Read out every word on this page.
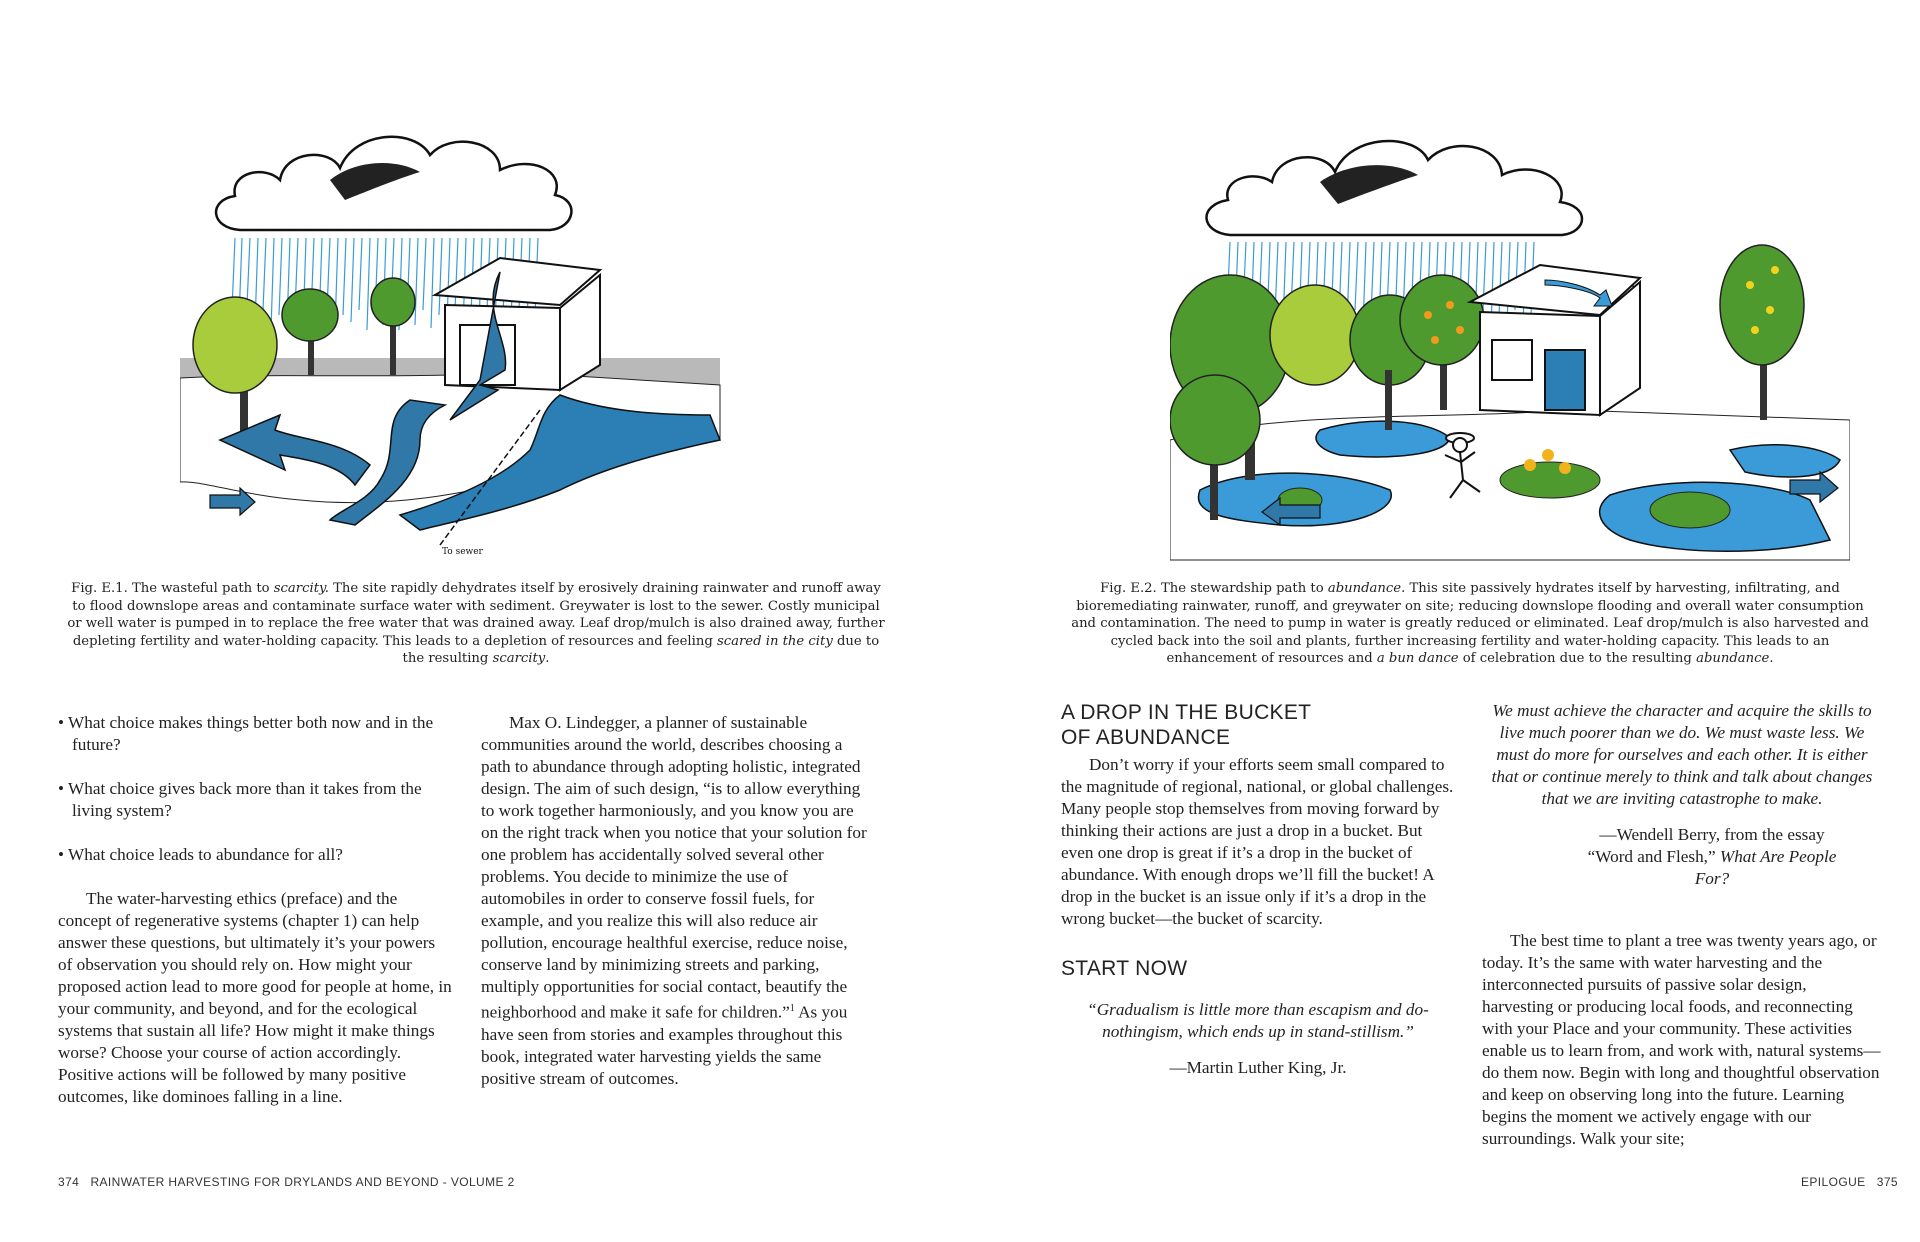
To sewer
Fig. E.1. The wasteful path to scarcity. The site rapidly dehydrates itself by erosively draining rainwater and runoff away to flood downslope areas and contaminate surface water with sediment. Greywater is lost to the sewer. Costly municipal or well water is pumped in to replace the free water that was drained away. Leaf drop/mulch is also drained away, further depleting fertility and water-holding capacity. This leads to a depletion of resources and feeling scared in the city due to the resulting scarcity.

• What choice makes things better both now and in the future?

• What choice gives back more than it takes from the living system?

• What choice leads to abundance for all?

The water-harvesting ethics (preface) and the concept of regenerative systems (chapter 1) can help answer these questions, but ultimately it’s your powers of observation you should rely on. How might your proposed action lead to more good for people at home, in your community, and beyond, and for the ecological systems that sustain all life? How might it make things worse? Choose your course of action accordingly. Positive actions will be followed by many positive outcomes, like dominoes falling in a line.

Max O. Lindegger, a planner of sustainable communities around the world, describes choosing a path to abundance through adopting holistic, integrated design. The aim of such design, “is to allow everything to work together harmoniously, and you know you are on the right track when you notice that your solution for one problem has accidentally solved several other problems. You decide to minimize the use of automobiles in order to conserve fossil fuels, for example, and you realize this will also reduce air pollution, encourage healthful exercise, reduce noise, conserve land by minimizing streets and parking, multiply opportunities for social contact, beautify the neighborhood and make it safe for children.”$^1$ As you have seen from stories and examples throughout this book, integrated water harvesting yields the same positive stream of outcomes.

374 RAINWATER HARVESTING FOR DRYLANDS AND BEYOND - VOLUME 2
Fig. E.2. The stewardship path to abundance. This site passively hydrates itself by harvesting, infiltrating, and bioremediating rainwater, runoff, and greywater on site; reducing downslope flooding and overall water consumption and contamination. The need to pump in water is greatly reduced or eliminated. Leaf drop/mulch is also harvested and cycled back into the soil and plants, further increasing fertility and water-holding capacity. This leads to an enhancement of resources and a bun dance of celebration due to the resulting abundance.

A DROP IN THE BUCKET

OF ABUNDANCE

Don’t worry if your efforts seem small compared to the magnitude of regional, national, or global challenges. Many people stop themselves from moving forward by thinking their actions are just a drop in a bucket. But even one drop is great if it’s a drop in the bucket of abundance. With enough drops we’ll fill the bucket! A drop in the bucket is an issue only if it’s a drop in the wrong bucket—the bucket of scarcity.

START NOW

“Gradualism is little more than escapism and do-nothingism, which ends up in stand-stillism.”

—Martin Luther King, Jr.

We must achieve the character and acquire the skills to live much poorer than we do. We must waste less. We must do more for ourselves and each other. It is either that or continue merely to think and talk about changes that we are inviting catastrophe to make.

—Wendell Berry, from the essay “Word and Flesh,” What Are People For?

The best time to plant a tree was twenty years ago, or today. It’s the same with water harvesting and the interconnected pursuits of passive solar design, harvesting or producing local foods, and reconnecting with your Place and your community. These activities enable us to learn from, and work with, natural systems—do them now. Begin with long and thoughtful observation and keep on observing long into the future. Learning begins the moment we actively engage with our surroundings. Walk your site;

EPILOGUE 375
